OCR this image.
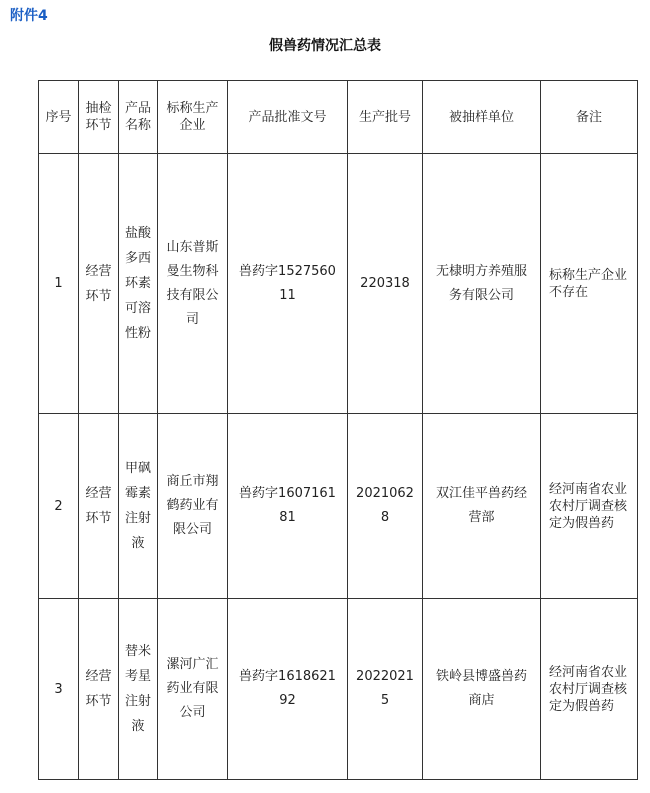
附件4
假兽药情况汇总表
序号	抽检环节	产品名称	标称生产企业	产品批准文号	生产批号	被抽样单位	备注
1	经营环节	盐酸多西环素可溶性粉	山东普斯曼生物科技有限公司	兽药字152756011	220318	无棣明方养殖服务有限公司	标称生产企业不存在
2	经营环节	甲砜霉素注射液	商丘市翔鹤药业有限公司	兽药字160716181	20210628	双江佳平兽药经营部	经河南省农业农村厅调查核定为假兽药
3	经营环节	替米考星注射液	漯河广汇药业有限公司	兽药字161862192	20220215	铁岭县博盛兽药商店	经河南省农业农村厅调查核定为假兽药
